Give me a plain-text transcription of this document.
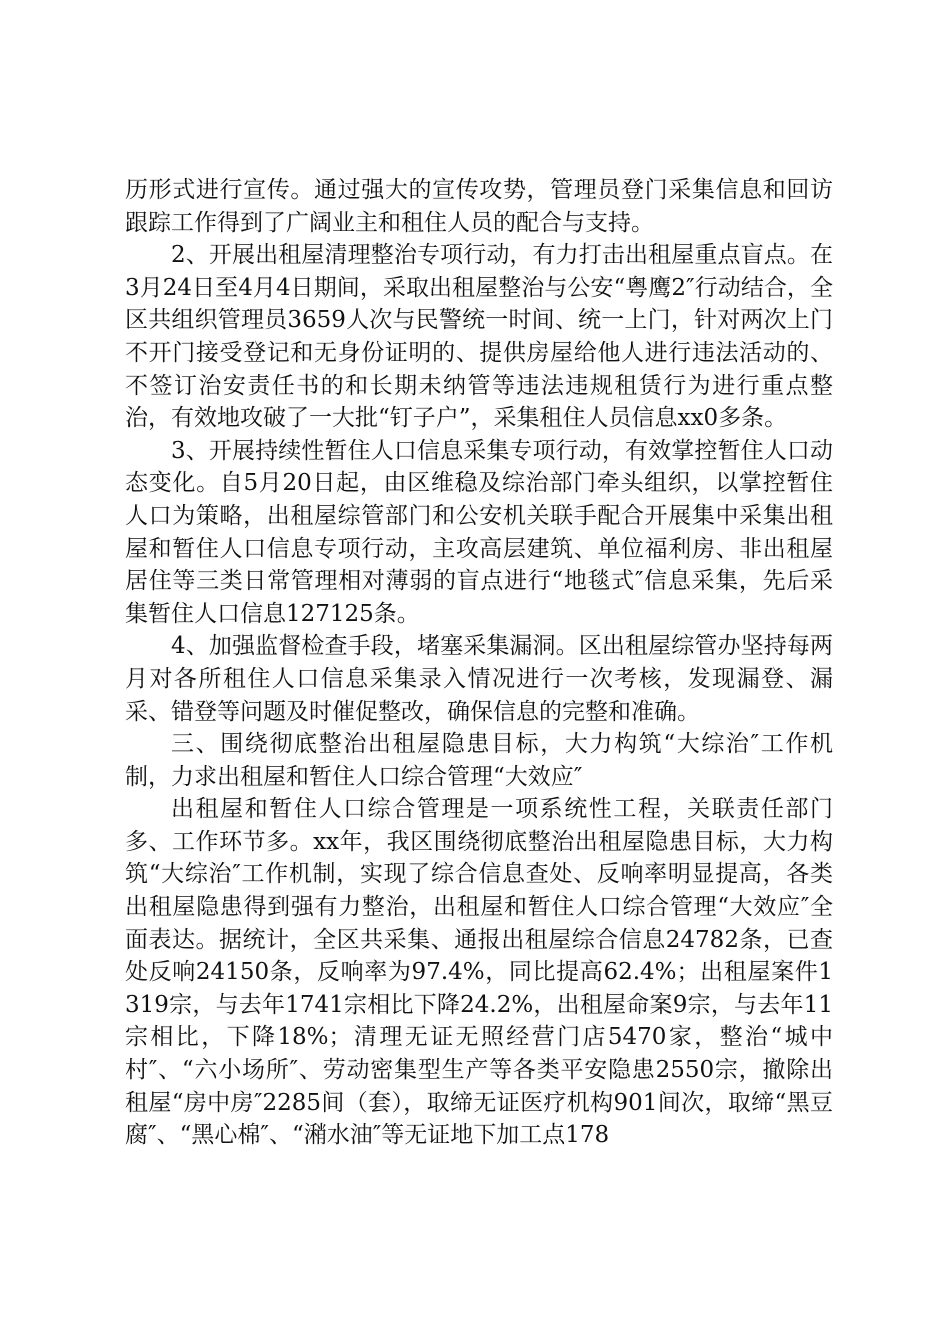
历形式进行宣传。通过强大的宣传攻势，管理员登门采集信息和回访跟踪工作得到了广阔业主和租住人员的配合与支持。

2、开展出租屋清理整治专项行动，有力打击出租屋重点盲点。在3月24日至4月4日期间，采取出租屋整治与公安“粤鹰2″行动结合，全区共组织管理员3659人次与民警统一时间、统一上门，针对两次上门不开门接受登记和无身份证明的、提供房屋给他人进行违法活动的、不签订治安责任书的和长期未纳管等违法违规租赁行为进行重点整治，有效地攻破了一大批“钉子户”，采集租住人员信息xx0多条。

3、开展持续性暂住人口信息采集专项行动，有效掌控暂住人口动态变化。自5月20日起，由区维稳及综治部门牵头组织，以掌控暂住人口为策略，出租屋综管部门和公安机关联手配合开展集中采集出租屋和暂住人口信息专项行动，主攻高层建筑、单位福利房、非出租屋居住等三类日常管理相对薄弱的盲点进行“地毯式″信息采集，先后采集暂住人口信息127125条。

4、加强监督检查手段，堵塞采集漏洞。区出租屋综管办坚持每两月对各所租住人口信息采集录入情况进行一次考核，发现漏登、漏采、错登等问题及时催促整改，确保信息的完整和准确。

三、围绕彻底整治出租屋隐患目标，大力构筑“大综治″工作机制，力求出租屋和暂住人口综合管理“大效应″

出租屋和暂住人口综合管理是一项系统性工程，关联责任部门多、工作环节多。xx年，我区围绕彻底整治出租屋隐患目标，大力构筑“大综治″工作机制，实现了综合信息查处、反响率明显提高，各类出租屋隐患得到强有力整治，出租屋和暂住人口综合管理“大效应″全面表达。据统计，全区共采集、通报出租屋综合信息24782条，已查处反响24150条，反响率为97.4%，同比提高62.4%；出租屋案件1319宗，与去年1741宗相比下降24.2%，出租屋命案9宗，与去年11宗相比，下降18%；清理无证无照经营门店5470家，整治“城中村″、“六小场所″、劳动密集型生产等各类平安隐患2550宗，撤除出租屋“房中房″2285间（套），取缔无证医疗机构901间次，取缔“黑豆腐″、“黑心棉″、“潲水油″等无证地下加工点178
